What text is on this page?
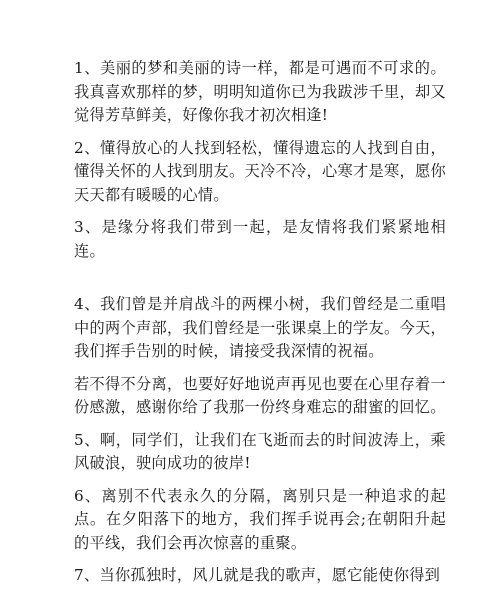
1、美丽的梦和美丽的诗一样，都是可遇而不可求的。我真喜欢那样的梦，明明知道你已为我跋涉千里，却又觉得芳草鲜美，好像你我才初次相逢!

2、懂得放心的人找到轻松，懂得遗忘的人找到自由，懂得关怀的人找到朋友。天冷不冷，心寒才是寒，愿你天天都有暖暖的心情。

3、是缘分将我们带到一起，是友情将我们紧紧地相连。

4、我们曾是并肩战斗的两棵小树，我们曾经是二重唱中的两个声部，我们曾经是一张课桌上的学友。今天，我们挥手告别的时候，请接受我深情的祝福。

若不得不分离，也要好好地说声再见也要在心里存着一份感激，感谢你给了我那一份终身难忘的甜蜜的回忆。

5、啊，同学们，让我们在飞逝而去的时间波涛上，乘风破浪，驶向成功的彼岸!

6、离别不代表永久的分隔，离别只是一种追求的起点。在夕阳落下的地方，我们挥手说再会;在朝阳升起的平线，我们会再次惊喜的重聚。

7、当你孤独时，风儿就是我的歌声，愿它能使你得到
